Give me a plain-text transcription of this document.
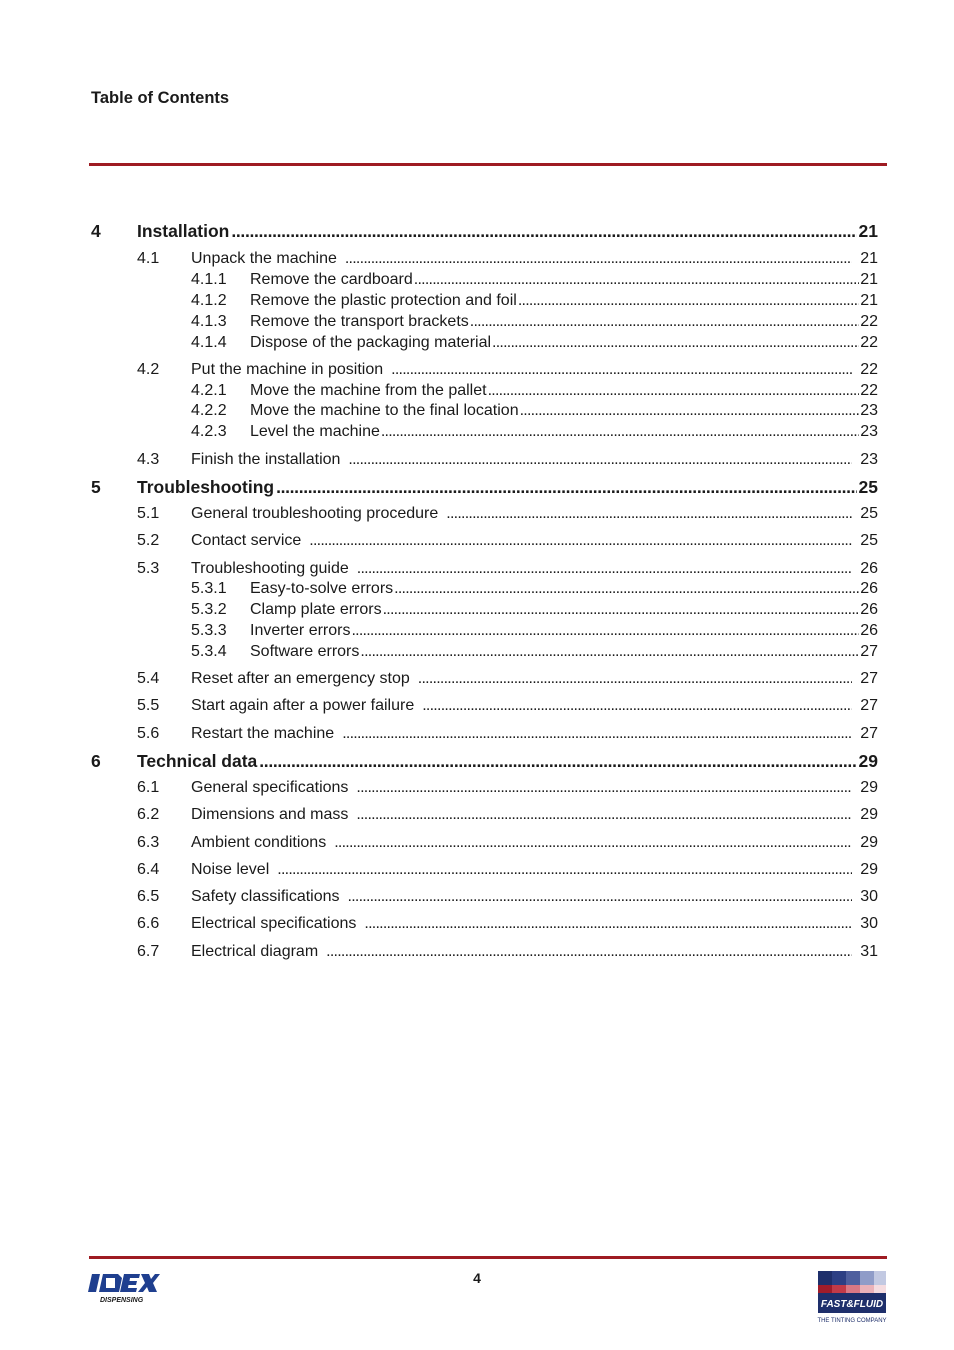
Table of Contents
4 Installation . . .	21
4.1 Unpack the machine . . .	21
4.1.1 Remove the cardboard . . .	21
4.1.2 Remove the plastic protection and foil . . .	21
4.1.3 Remove the transport brackets . . .	22
4.1.4 Dispose of the packaging material . . .	22
4.2 Put the machine in position . . .	22
4.2.1 Move the machine from the pallet . . .	22
4.2.2 Move the machine to the final location . . .	23
4.2.3 Level the machine . . .	23
4.3 Finish the installation . . .	23
5 Troubleshooting . . .	25
5.1 General troubleshooting procedure . . .	25
5.2 Contact service . . .	25
5.3 Troubleshooting guide . . .	26
5.3.1 Easy-to-solve errors . . .	26
5.3.2 Clamp plate errors . . .	26
5.3.3 Inverter errors . . .	26
5.3.4 Software errors . . .	27
5.4 Reset after an emergency stop . . .	27
5.5 Start again after a power failure . . .	27
5.6 Restart the machine . . .	27
6 Technical data . . .	29
6.1 General specifications . . .	29
6.2 Dimensions and mass . . .	29
6.3 Ambient conditions . . .	29
6.4 Noise level . . .	29
6.5 Safety classifications . . .	30
6.6 Electrical specifications . . .	30
6.7 Electrical diagram . . .	31
DISPENSING
4
FAST&FLUID
THE TINTING COMPANY
